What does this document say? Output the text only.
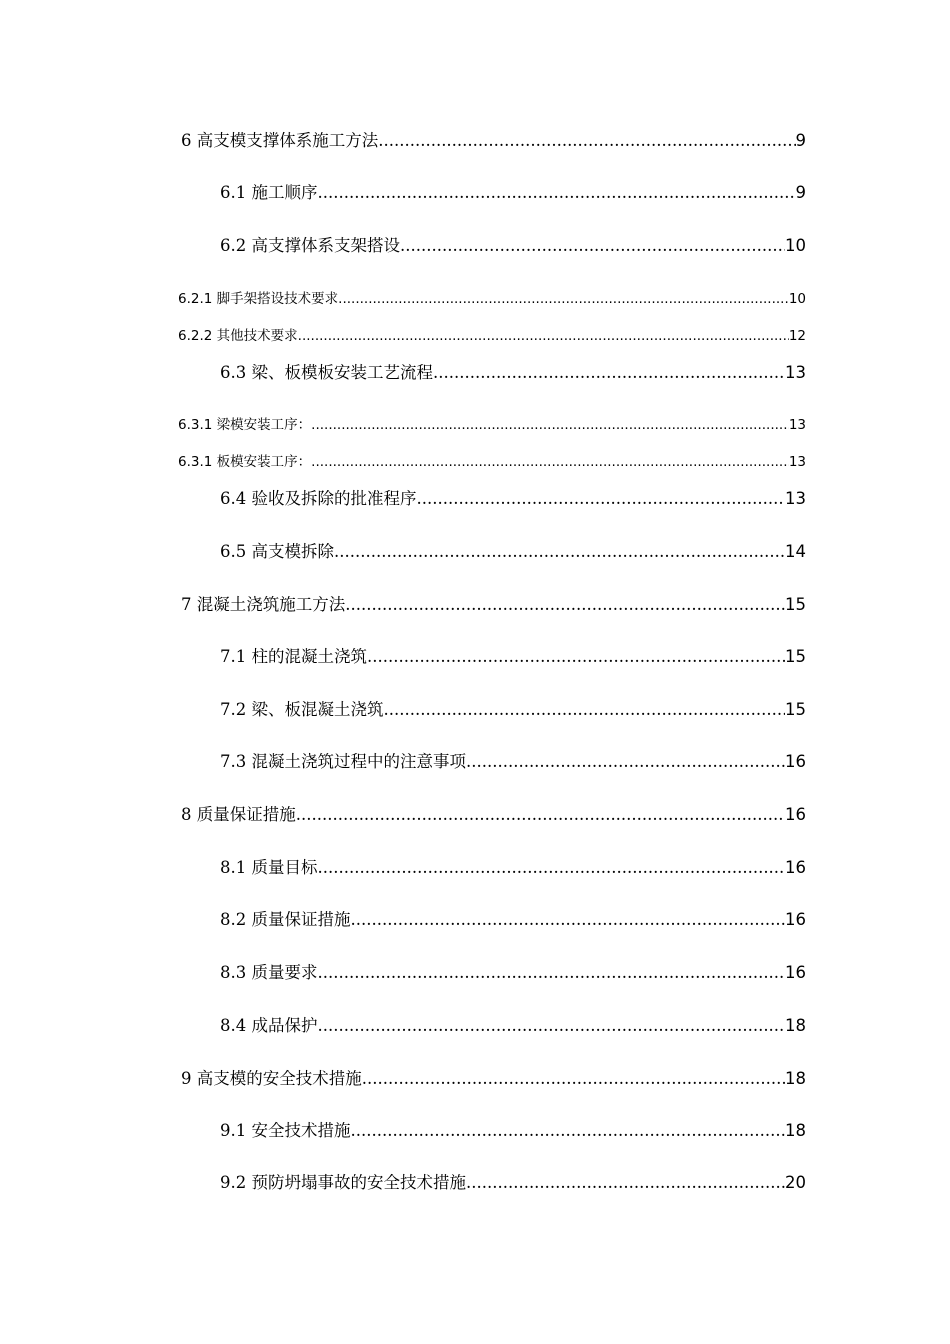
6 高支模支撑体系施工方法 .....	9
6.1 施工顺序 .....	9
6.2 高支撑体系支架搭设 .....	10
6.2.1 脚手架搭设技术要求 .....	10
6.2.2 其他技术要求 .....	12
6.3 梁、板模板安装工艺流程 .....	13
6.3.1 梁模安装工序： .....	13
6.3.1 板模安装工序： .....	13
6.4 验收及拆除的批准程序 .....	13
6.5 高支模拆除 .....	14
7 混凝土浇筑施工方法 .....	15
7.1 柱的混凝土浇筑 .....	15
7.2 梁、板混凝土浇筑 .....	15
7.3 混凝土浇筑过程中的注意事项 .....	16
8 质量保证措施 .....	16
8.1 质量目标 .....	16
8.2 质量保证措施 .....	16
8.3 质量要求 .....	16
8.4 成品保护 .....	18
9 高支模的安全技术措施 .....	18
9.1 安全技术措施 .....	18
9.2 预防坍塌事故的安全技术措施 .....	20
